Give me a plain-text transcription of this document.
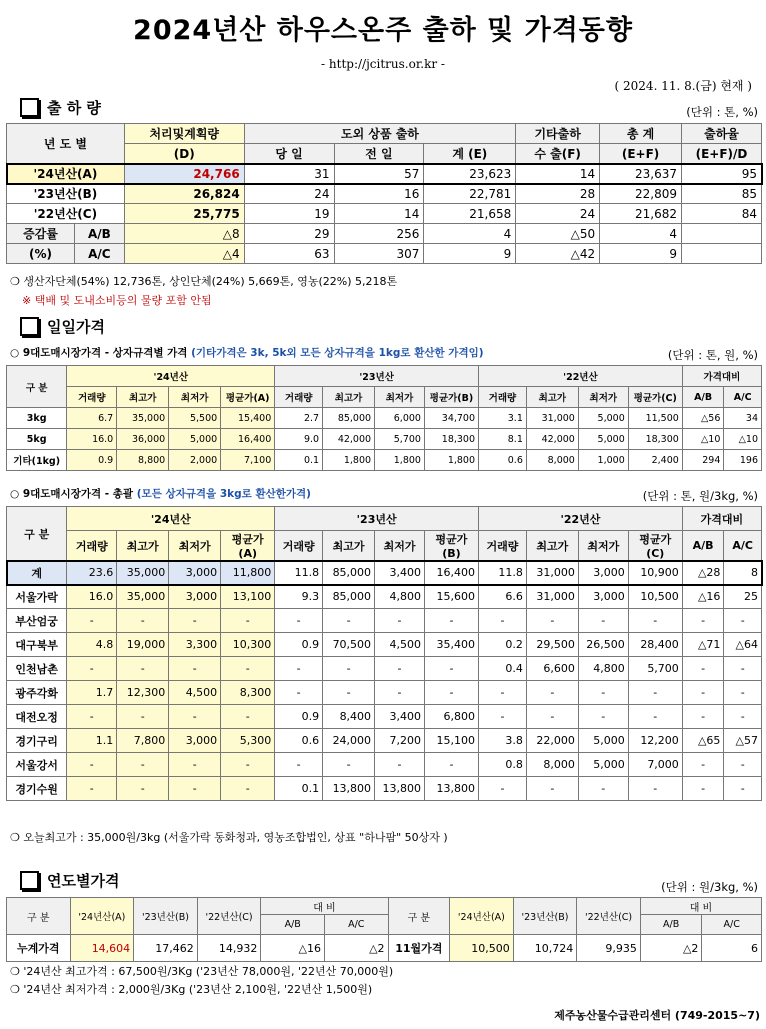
2024년산 하우스온주 출하 및 가격동향
- http://jcitrus.or.kr -
( 2024. 11. 8.(금) 현재 )
출 하 량	(단위 : 톤, %)
년 도 별		처리및계획량	도외 상품 출하			기타출하	총 계	출하율
		(D)	당 일	전 일	계 (E)	수 출(F)	(E+F)	(E+F)/D
'24년산(A)		24,766	31	57	23,623	14	23,637	95
'23년산(B)		26,824	24	16	22,781	28	22,809	85
'22년산(C)		25,775	19	14	21,658	24	21,682	84
증감률	A/B	△8	29	256	4	△50	4	
(%)	A/C	△4	63	307	9	△42	9	
❍ 생산자단체(54%) 12,736톤, 상인단체(24%) 5,669톤, 영농(22%) 5,218톤
※ 택배 및 도내소비등의 물량 포함 안됨
일일가격
○ 9대도매시장가격 - 상자규격별 가격 (기타가격은 3k, 5k외 모든 상자규격을 1kg로 환산한 가격임)	(단위 : 톤, 원, %)
구 분	'24년산				'23년산				'22년산				가격대비	
	거래량	최고가	최저가	평균가(A)	거래량	최고가	최저가	평균가(B)	거래량	최고가	최저가	평균가(C)	A/B	A/C
3kg	6.7	35,000	5,500	15,400	2.7	85,000	6,000	34,700	3.1	31,000	5,000	11,500	△56	34
5kg	16.0	36,000	5,000	16,400	9.0	42,000	5,700	18,300	8.1	42,000	5,000	18,300	△10	△10
기타(1kg)	0.9	8,800	2,000	7,100	0.1	1,800	1,800	1,800	0.6	8,000	1,000	2,400	294	196
○ 9대도매시장가격 - 총괄 (모든 상자규격을 3kg로 환산한가격)	(단위 : 톤, 원/3kg, %)
구 분	'24년산				'23년산				'22년산				가격대비	
	거래량	최고가	최저가	평균가(A)	거래량	최고가	최저가	평균가(B)	거래량	최고가	최저가	평균가(C)	A/B	A/C
계	23.6	35,000	3,000	11,800	11.8	85,000	3,400	16,400	11.8	31,000	3,000	10,900	△28	8
서울가락	16.0	35,000	3,000	13,100	9.3	85,000	4,800	15,600	6.6	31,000	3,000	10,500	△16	25
부산엄궁	-	-	-	-	-	-	-	-	-	-	-	-	-	-
대구북부	4.8	19,000	3,300	10,300	0.9	70,500	4,500	35,400	0.2	29,500	26,500	28,400	△71	△64
인천남촌	-	-	-	-	-	-	-	-	0.4	6,600	4,800	5,700	-	-
광주각화	1.7	12,300	4,500	8,300	-	-	-	-	-	-	-	-	-	-
대전오정	-	-	-	-	0.9	8,400	3,400	6,800	-	-	-	-	-	-
경기구리	1.1	7,800	3,000	5,300	0.6	24,000	7,200	15,100	3.8	22,000	5,000	12,200	△65	△57
서울강서	-	-	-	-	-	-	-	-	0.8	8,000	5,000	7,000	-	-
경기수원	-	-	-	-	0.1	13,800	13,800	13,800	-	-	-	-	-	-
❍ 오늘최고가 : 35,000원/3kg (서울가락 동화청과, 영농조합법인, 상표 "하나팜" 50상자 )
연도별가격	(단위 : 원/3kg, %)
구 분	'24년산(A)	'23년산(B)	'22년산(C)	대 비		구 분	'24년산(A)	'23년산(B)	'22년산(C)	대 비	
				A/B	A/C					A/B	A/C
누계가격	14,604	17,462	14,932	△16	△2	11월가격	10,500	10,724	9,935	△2	6
❍ '24년산 최고가격 : 67,500원/3Kg ('23년산 78,000원, '22년산 70,000원)
❍ '24년산 최저가격 : 2,000원/3Kg ('23년산 2,100원, '22년산 1,500원)
제주농산물수급관리센터 (749-2015~7)
